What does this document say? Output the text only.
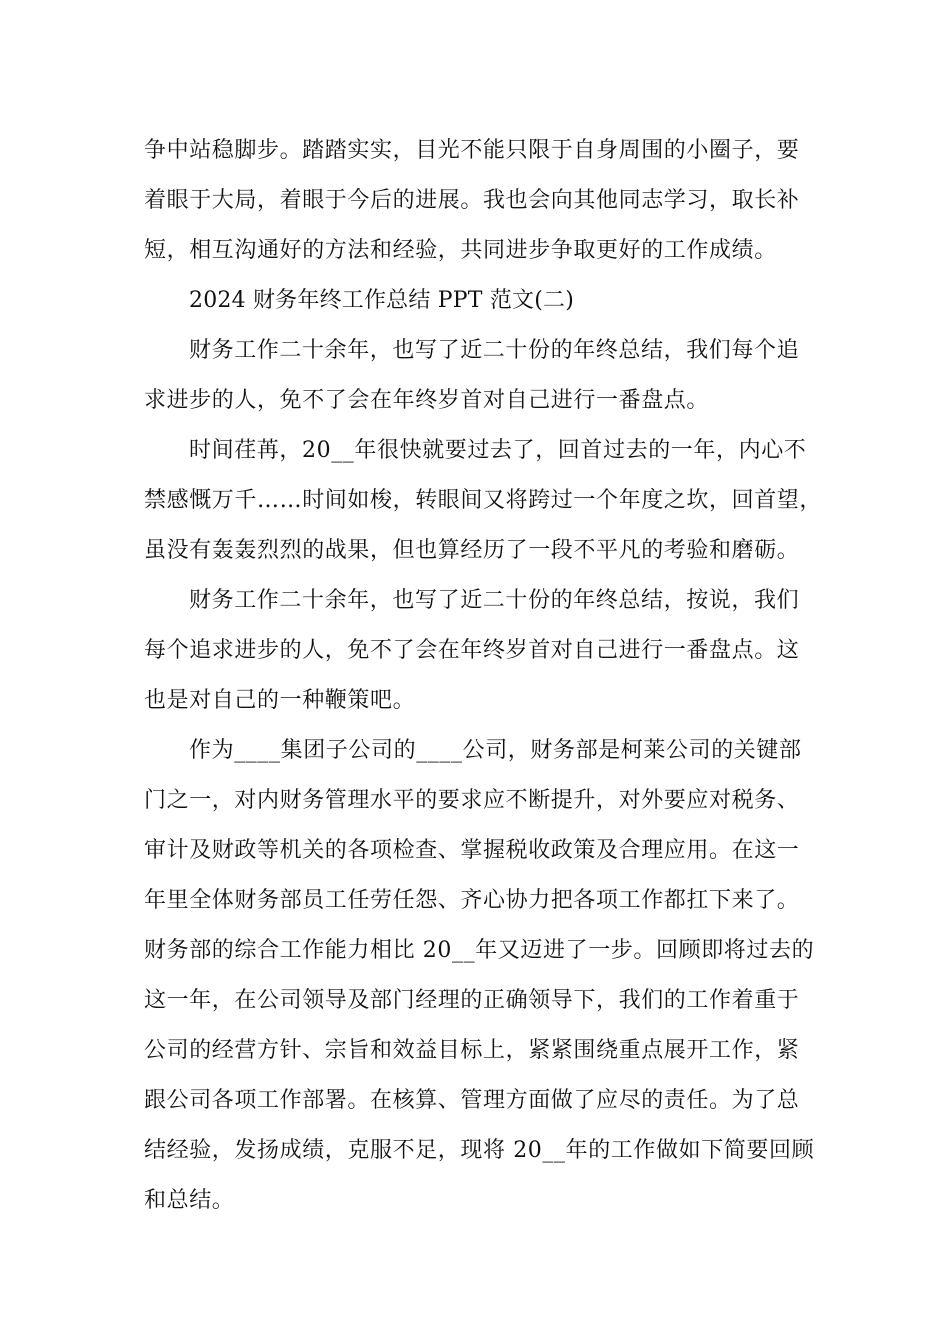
争中站稳脚步。踏踏实实，目光不能只限于自身周围的小圈子，要
着眼于大局，着眼于今后的进展。我也会向其他同志学习，取长补
短，相互沟通好的方法和经验，共同进步争取更好的工作成绩。
2024 财务年终工作总结 PPT 范文(二)
财务工作二十余年，也写了近二十份的年终总结，我们每个追
求进步的人，免不了会在年终岁首对自己进行一番盘点。
时间荏苒，20__年很快就要过去了，回首过去的一年，内心不
禁感慨万千……时间如梭，转眼间又将跨过一个年度之坎，回首望，
虽没有轰轰烈烈的战果，但也算经历了一段不平凡的考验和磨砺。
财务工作二十余年，也写了近二十份的年终总结，按说，我们
每个追求进步的人，免不了会在年终岁首对自己进行一番盘点。这
也是对自己的一种鞭策吧。
作为____集团子公司的____公司，财务部是柯莱公司的关键部
门之一，对内财务管理水平的要求应不断提升，对外要应对税务、
审计及财政等机关的各项检查、掌握税收政策及合理应用。在这一
年里全体财务部员工任劳任怨、齐心协力把各项工作都扛下来了。
财务部的综合工作能力相比 20__年又迈进了一步。回顾即将过去的
这一年，在公司领导及部门经理的正确领导下，我们的工作着重于
公司的经营方针、宗旨和效益目标上，紧紧围绕重点展开工作，紧
跟公司各项工作部署。在核算、管理方面做了应尽的责任。为了总
结经验，发扬成绩，克服不足，现将 20__年的工作做如下简要回顾
和总结。
